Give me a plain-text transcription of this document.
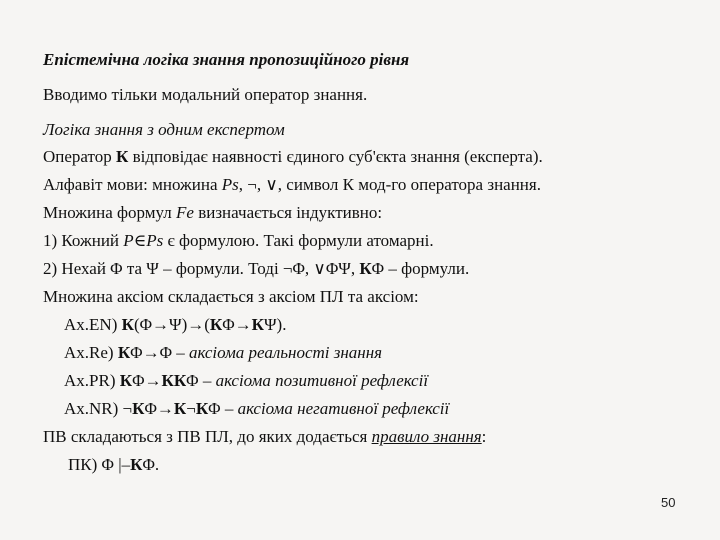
Епістемічна логіка знання пропозиційного рівня
Вводимо тільки модальний оператор знання.
Логіка знання з одним експертом
Оператор К відповідає наявності єдиного суб'єкта знання (експерта).
Алфавіт мови: множина Ps, ¬, ∨, символ К мод-го оператора знання.
Множина формул Fe визначається індуктивно:
1) Кожний P∈Ps є формулою. Такі формули атомарні.
2) Нехай Φ та Ψ – формули. Тоді ¬Φ, ∨ΦΨ, КΦ – формули.
Множина аксіом складається з аксіом ПЛ та аксіом:
Ax.EN) К(Φ→Ψ)→(КΦ→КΨ).
Ax.Re) КΦ→Φ – аксіома реальності знання
Ax.PR) КΦ→ККΦ – аксіома позитивної рефлексії
Ax.NR) ¬КΦ→К¬КΦ – аксіома негативної рефлексії
ПВ складаються з ПВ ПЛ, до яких додається правило знання:
ПК) Φ |–КΦ.
50
